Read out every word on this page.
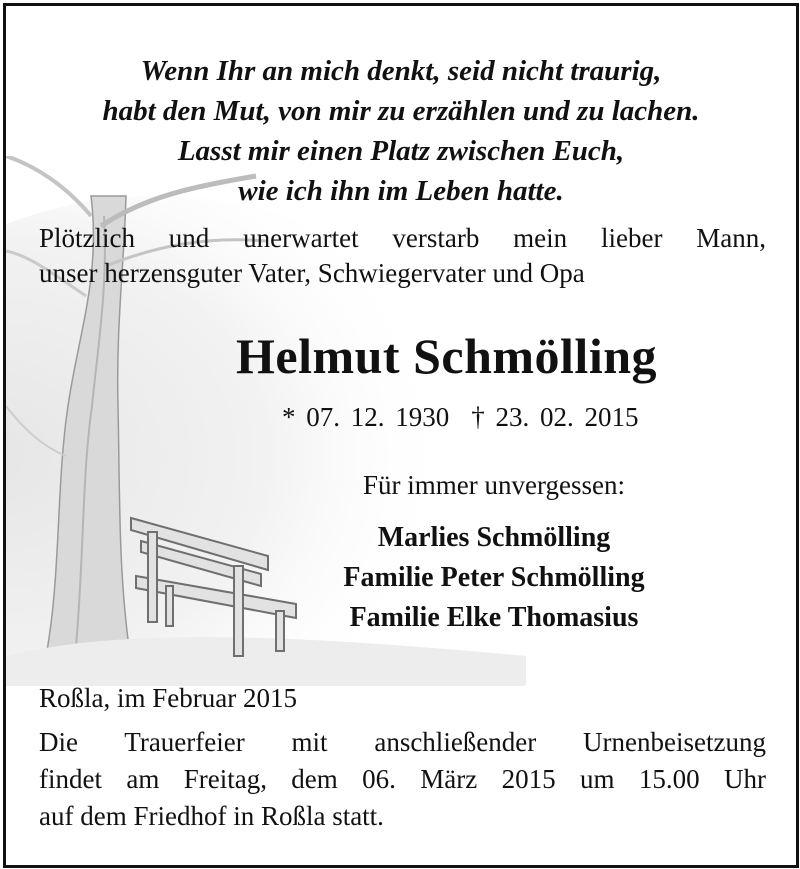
Wenn Ihr an mich denkt, seid nicht traurig,
habt den Mut, von mir zu erzählen und zu lachen.
Lasst mir einen Platz zwischen Euch,
wie ich ihn im Leben hatte.
Plötzlich und unerwartet verstarb mein lieber Mann,
unser herzensguter Vater, Schwiegervater und Opa
Helmut Schmölling
* 07. 12. 1930 † 23. 02. 2015
Für immer unvergessen:
Marlies Schmölling
Familie Peter Schmölling
Familie Elke Thomasius
Roßla, im Februar 2015
Die Trauerfeier mit anschließender Urnenbeisetzung
findet am Freitag, dem 06. März 2015 um 15.00 Uhr
auf dem Friedhof in Roßla statt.
